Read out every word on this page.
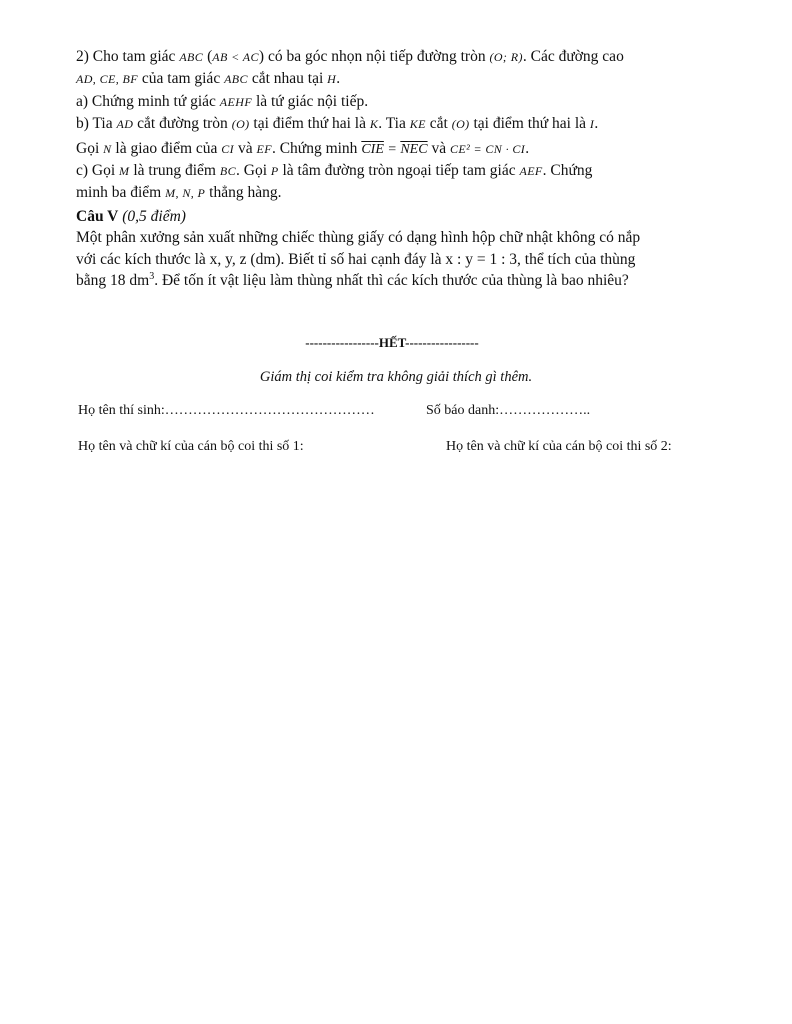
2) Cho tam giác ABC (AB < AC) có ba góc nhọn nội tiếp đường tròn (O; R). Các đường cao
AD, CE, BF của tam giác ABC cắt nhau tại H.
a) Chứng minh tứ giác AEHF là tứ giác nội tiếp.
b) Tia AD cắt đường tròn (O) tại điểm thứ hai là K. Tia KE cắt (O) tại điểm thứ hai là I.
Gọi N là giao điểm của CI và EF. Chứng minh $\overline{CIE} = \overline{NEC}$ và CE² = CN · CI.
c) Gọi M là trung điểm BC. Gọi P là tâm đường tròn ngoại tiếp tam giác AEF. Chứng
minh ba điểm M, N, P thẳng hàng.
Câu V (0,5 điểm)
Một phân xưởng sản xuất những chiếc thùng giấy có dạng hình hộp chữ nhật không có nắp
với các kích thước là x, y, z (dm). Biết tỉ số hai cạnh đáy là x : y = 1 : 3, thể tích của thùng
bằng 18 $dm^3$. Để tốn ít vật liệu làm thùng nhất thì các kích thước của thùng là bao nhiêu?
-----------------HẾT-----------------
Giám thị coi kiểm tra không giải thích gì thêm.
Họ tên thí sinh:………………………………………	Số báo danh:………………..
Họ tên và chữ kí của cán bộ coi thi số 1:	Họ tên và chữ kí của cán bộ coi thi số 2:
